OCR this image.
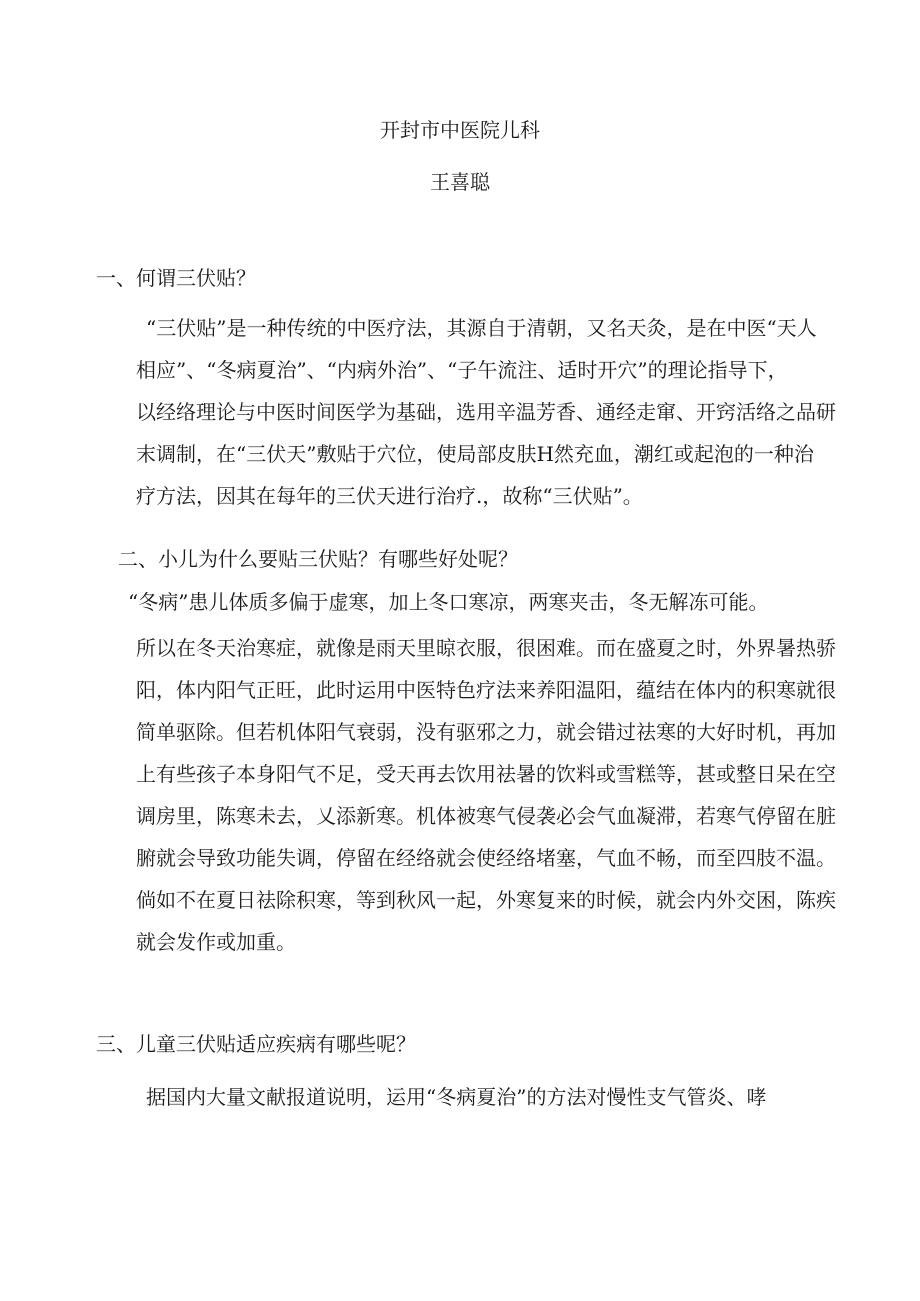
开封市中医院儿科
王喜聪
一、何谓三伏贴？
“三伏贴”是一种传统的中医疗法，其源自于清朝，又名天灸，是在中医“天人
相应”、“冬病夏治”、“内病外治”、“子午流注、适时开穴”的理论指导下，
以经络理论与中医时间医学为基础，选用辛温芳香、通经走窜、开窍活络之品研
末调制，在“三伏天”敷贴于穴位，使局部皮肤H然充血，潮红或起泡的一种治
疗方法，因其在每年的三伏天进行治疗.，故称“三伏贴”。
二、小儿为什么要贴三伏贴？有哪些好处呢？
“冬病”患儿体质多偏于虚寒，加上冬口寒凉，两寒夹击，冬无解冻可能。
所以在冬天治寒症，就像是雨天里晾衣服，很困难。而在盛夏之时，外界暑热骄
阳，体内阳气正旺，此时运用中医特色疗法来养阳温阳，蕴结在体内的积寒就很
简单驱除。但若机体阳气衰弱，没有驱邪之力，就会错过祛寒的大好时机，再加
上有些孩子本身阳气不足，受天再去饮用祛暑的饮料或雪糕等，甚或整日呆在空
调房里，陈寒未去，乂添新寒。机体被寒气侵袭必会气血凝滞，若寒气停留在脏
腑就会导致功能失调，停留在经络就会使经络堵塞，气血不畅，而至四肢不温。
倘如不在夏日祛除积寒，等到秋风一起，外寒复来的时候，就会内外交困，陈疾
就会发作或加重。
三、儿童三伏贴适应疾病有哪些呢？
据国内大量文献报道说明，运用“冬病夏治”的方法对慢性支气管炎、哮
